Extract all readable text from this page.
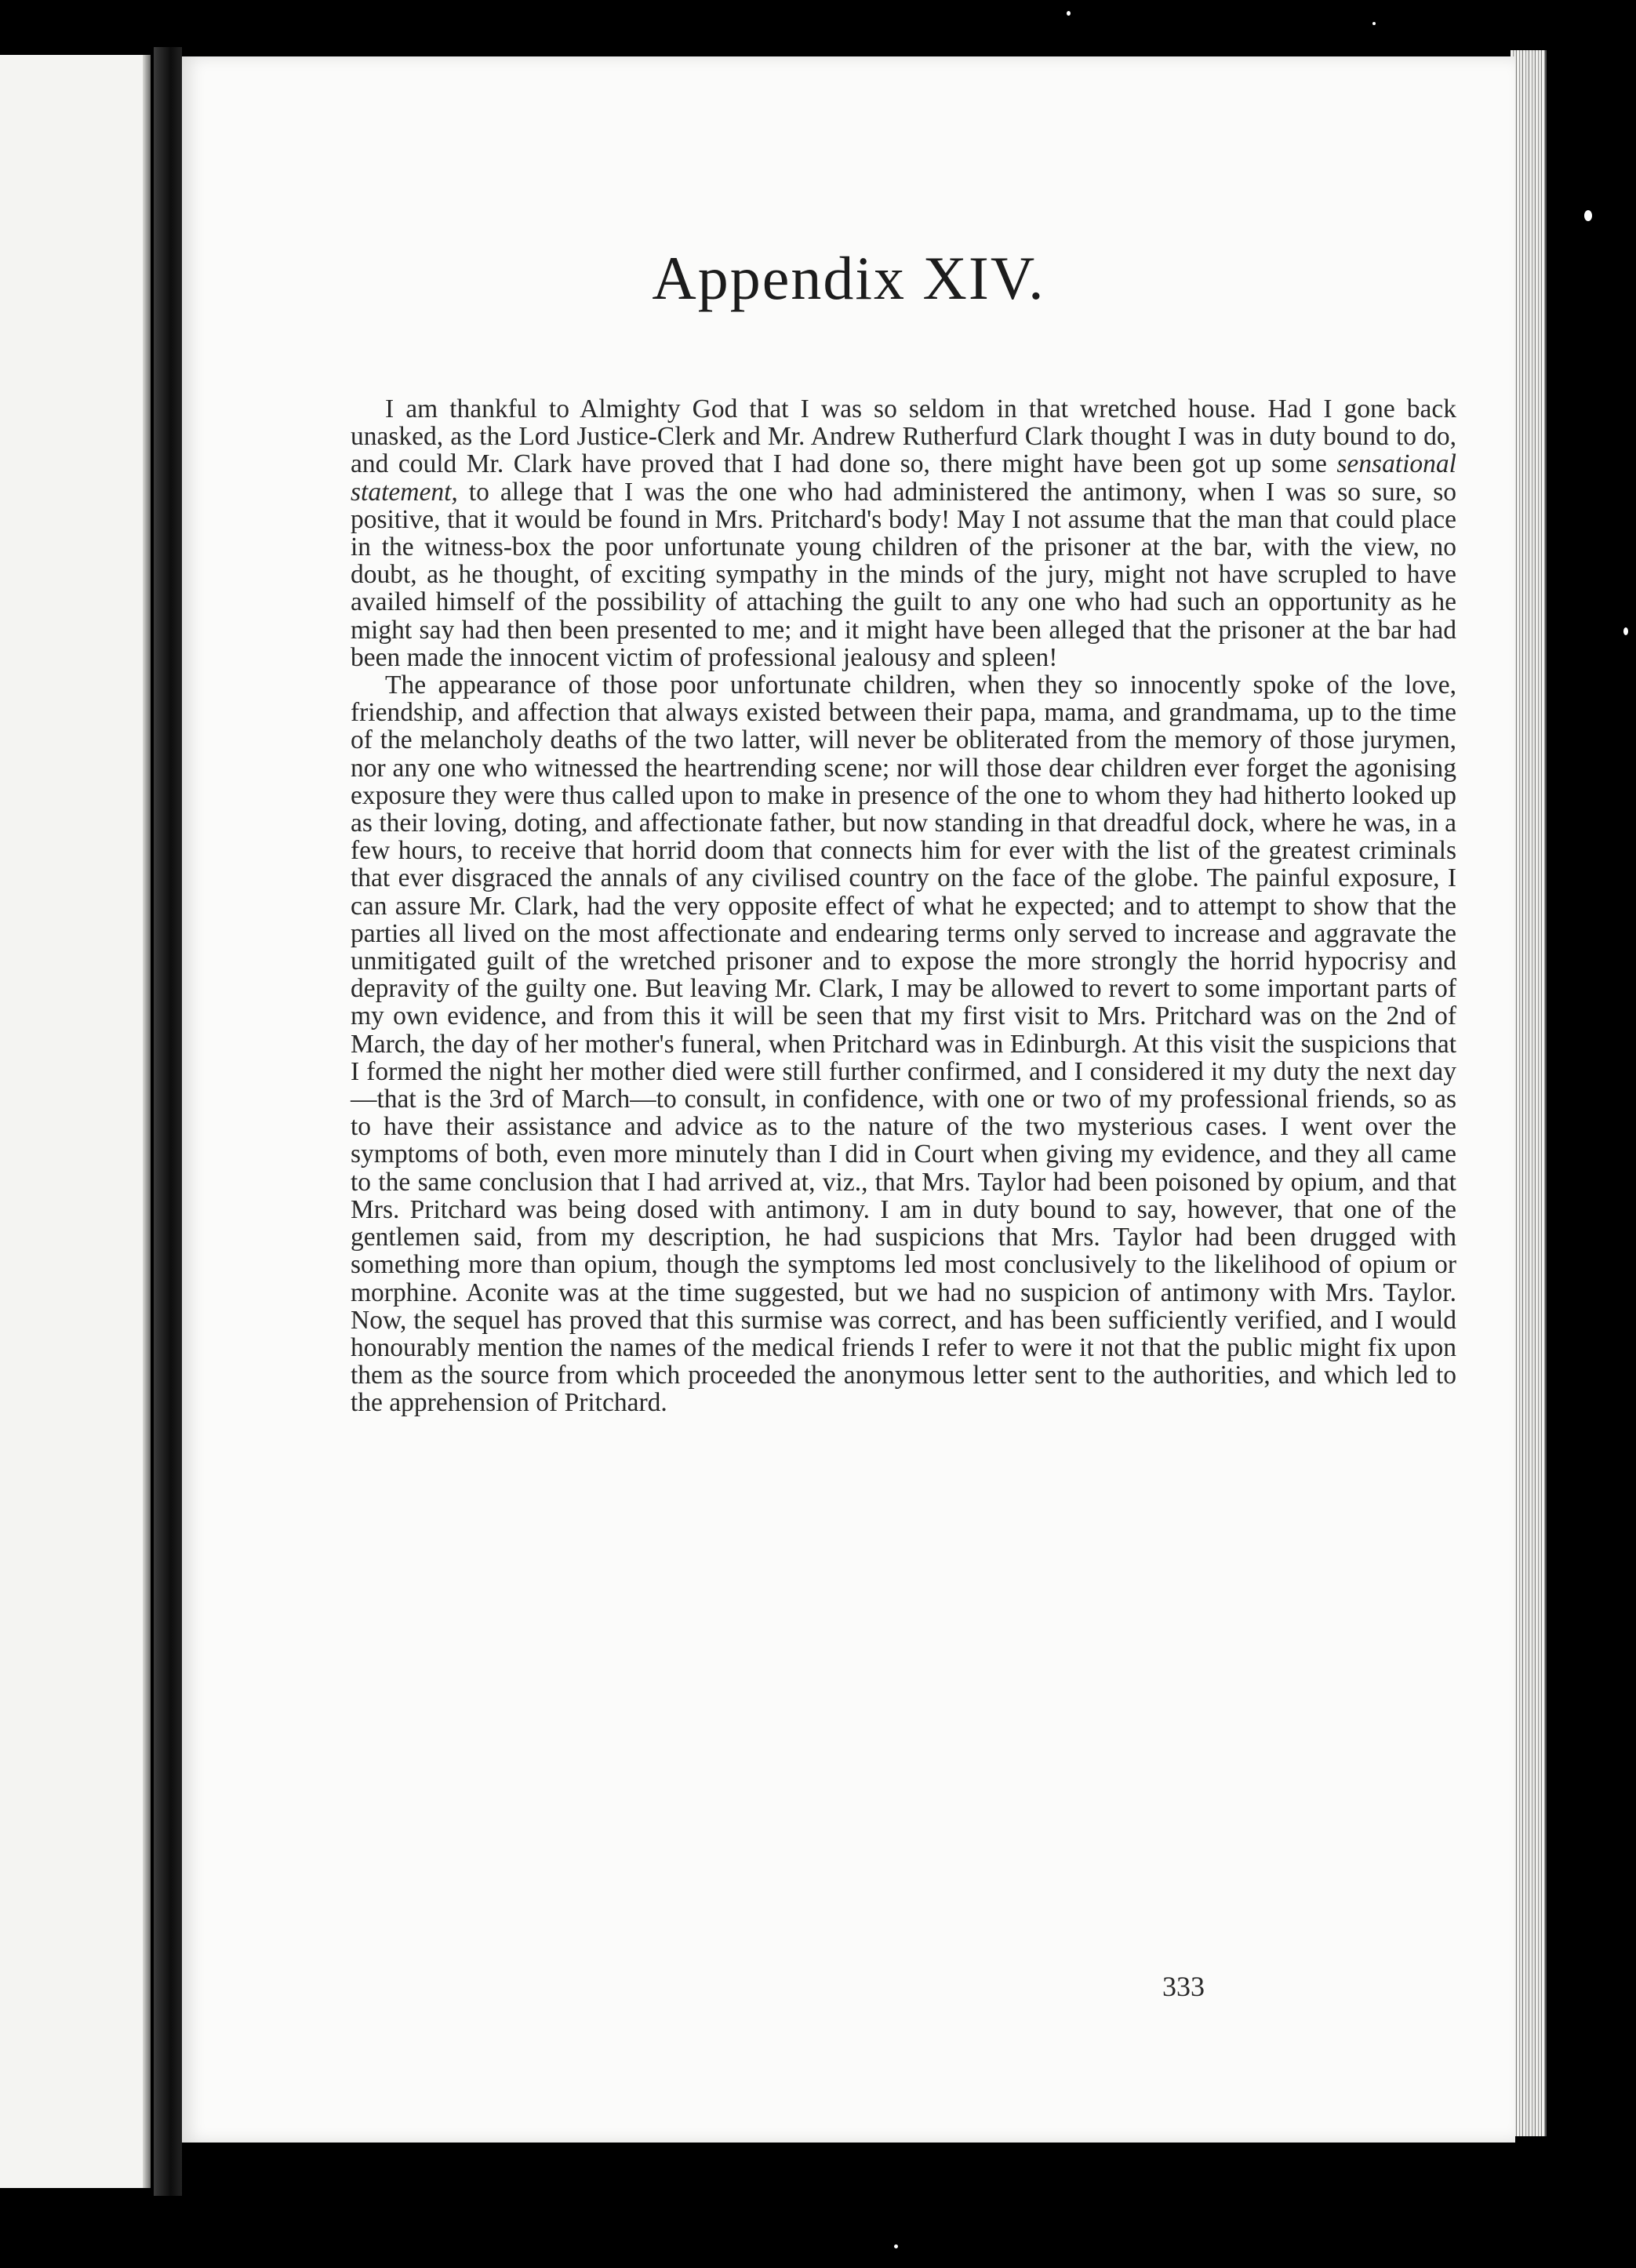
Appendix XIV.

I am thankful to Almighty God that I was so seldom in that wretched house. Had I gone back unasked, as the Lord Justice-Clerk and Mr. Andrew Rutherfurd Clark thought I was in duty bound to do, and could Mr. Clark have proved that I had done so, there might have been got up some sensational statement, to allege that I was the one who had administered the antimony, when I was so sure, so positive, that it would be found in Mrs. Pritchard's body! May I not assume that the man that could place in the witness-box the poor unfortunate young children of the prisoner at the bar, with the view, no doubt, as he thought, of exciting sympathy in the minds of the jury, might not have scrupled to have availed himself of the possibility of attaching the guilt to any one who had such an opportunity as he might say had then been presented to me; and it might have been alleged that the prisoner at the bar had been made the innocent victim of professional jealousy and spleen!

The appearance of those poor unfortunate children, when they so innocently spoke of the love, friendship, and affection that always existed between their papa, mama, and grandmama, up to the time of the melancholy deaths of the two latter, will never be obliterated from the memory of those jurymen, nor any one who witnessed the heartrending scene; nor will those dear children ever forget the agonising exposure they were thus called upon to make in presence of the one to whom they had hitherto looked up as their loving, doting, and affectionate father, but now standing in that dreadful dock, where he was, in a few hours, to receive that horrid doom that connects him for ever with the list of the greatest criminals that ever disgraced the annals of any civilised country on the face of the globe. The painful exposure, I can assure Mr. Clark, had the very opposite effect of what he expected; and to attempt to show that the parties all lived on the most affectionate and endearing terms only served to increase and aggravate the unmitigated guilt of the wretched prisoner and to expose the more strongly the horrid hypocrisy and depravity of the guilty one. But leaving Mr. Clark, I may be allowed to revert to some important parts of my own evidence, and from this it will be seen that my first visit to Mrs. Pritchard was on the 2nd of March, the day of her mother's funeral, when Pritchard was in Edinburgh. At this visit the suspicions that I formed the night her mother died were still further confirmed, and I considered it my duty the next day—that is the 3rd of March—to consult, in confidence, with one or two of my professional friends, so as to have their assistance and advice as to the nature of the two mysterious cases. I went over the symptoms of both, even more minutely than I did in Court when giving my evidence, and they all came to the same conclusion that I had arrived at, viz., that Mrs. Taylor had been poisoned by opium, and that Mrs. Pritchard was being dosed with antimony. I am in duty bound to say, however, that one of the gentlemen said, from my description, he had suspicions that Mrs. Taylor had been drugged with something more than opium, though the symptoms led most conclusively to the likelihood of opium or morphine. Aconite was at the time suggested, but we had no suspicion of antimony with Mrs. Taylor. Now, the sequel has proved that this surmise was correct, and has been sufficiently verified, and I would honourably mention the names of the medical friends I refer to were it not that the public might fix upon them as the source from which proceeded the anonymous letter sent to the authorities, and which led to the apprehension of Pritchard.

333
